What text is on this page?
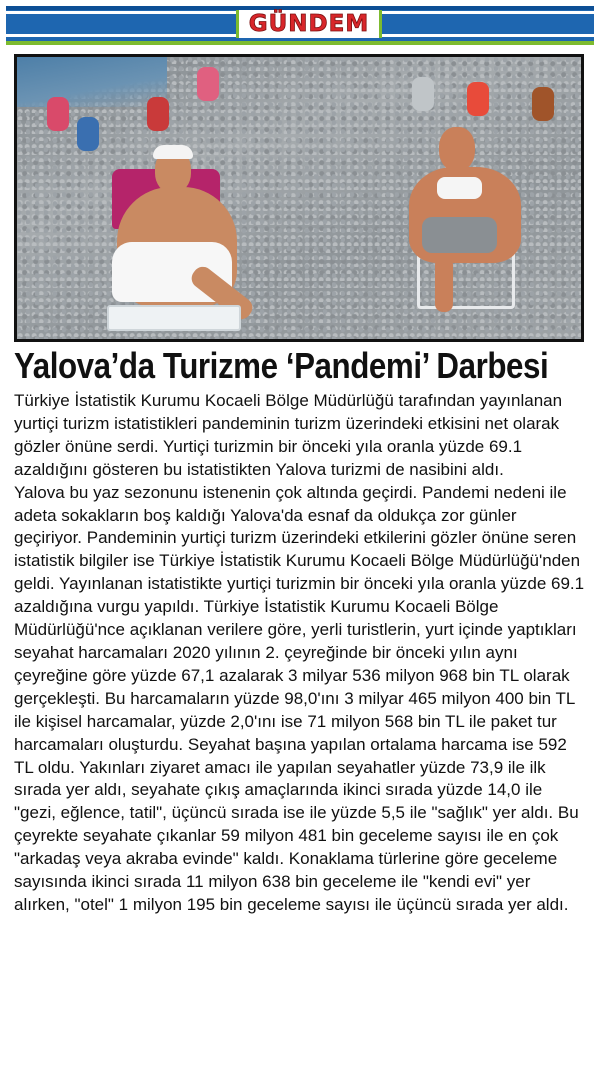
GÜNDEM
Yalova’da Turizme ‘Pandemi’ Darbesi

Türkiye İstatistik Kurumu Kocaeli Bölge Müdürlüğü tarafından yayınlanan yurtiçi turizm istatistikleri pandeminin turizm üzerindeki etkisini net olarak gözler önüne serdi. Yurtiçi turizmin bir önceki yıla oranla yüzde 69.1 azaldığını gösteren bu istatistikten Yalova turizmi de nasibini aldı.

Yalova bu yaz sezonunu istenenin çok altında geçirdi. Pandemi nedeni ile adeta sokakların boş kaldığı Yalova'da esnaf da oldukça zor günler geçiriyor. Pandeminin yurtiçi turizm üzerindeki etkilerini gözler önüne seren istatistik bilgiler ise Türkiye İstatistik Kurumu Kocaeli Bölge Müdürlüğü'nden geldi. Yayınlanan istatistikte yurtiçi turizmin bir önceki yıla oranla yüzde 69.1 azaldığına vurgu yapıldı. Türkiye İstatistik Kurumu Kocaeli Bölge Müdürlüğü'nce açıklanan verilere göre, yerli turistlerin, yurt içinde yaptıkları seyahat harcamaları 2020 yılının 2. çeyreğinde bir önceki yılın aynı çeyreğine göre yüzde 67,1 azalarak 3 milyar 536 milyon 968 bin TL olarak gerçekleşti. Bu harcamaların yüzde 98,0'ını 3 milyar 465 milyon 400 bin TL ile kişisel harcamalar, yüzde 2,0'ını ise 71 milyon 568 bin TL ile paket tur harcamaları oluşturdu. Seyahat başına yapılan ortalama harcama ise 592 TL oldu. Yakınları ziyaret amacı ile yapılan seyahatler yüzde 73,9 ile ilk sırada yer aldı, seyahate çıkış amaçlarında ikinci sırada yüzde 14,0 ile "gezi, eğlence, tatil", üçüncü sırada ise ile yüzde 5,5 ile "sağlık" yer aldı. Bu çeyrekte seyahate çıkanlar 59 milyon 481 bin geceleme sayısı ile en çok "arkadaş veya akraba evinde" kaldı. Konaklama türlerine göre geceleme sayısında ikinci sırada 11 milyon 638 bin geceleme ile "kendi evi" yer alırken, "otel" 1 milyon 195 bin geceleme sayısı ile üçüncü sırada yer aldı.
